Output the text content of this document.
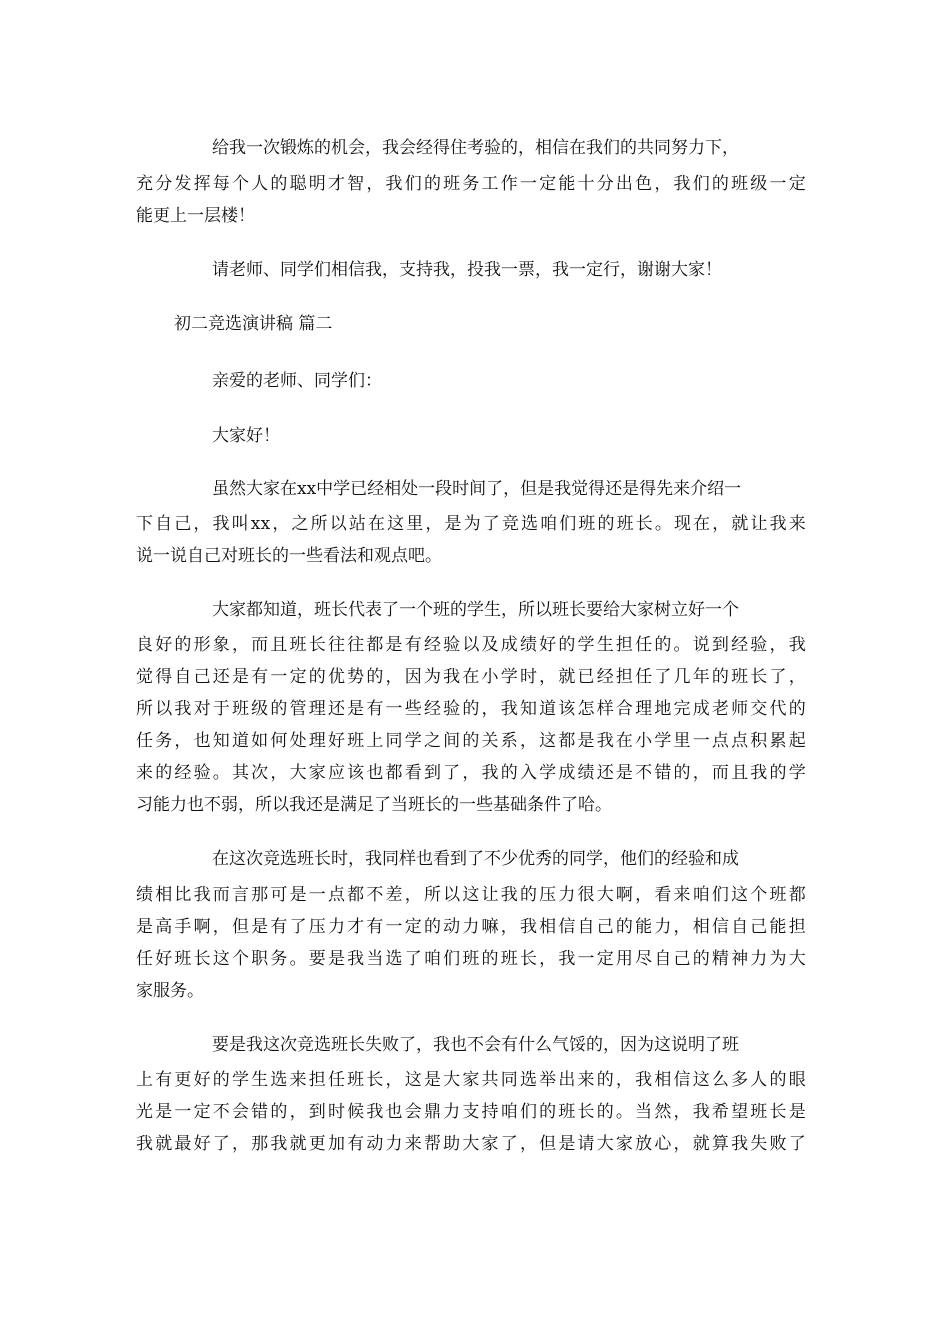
给我一次锻炼的机会，我会经得住考验的，相信在我们的共同努力下，
充分发挥每个人的聪明才智，我们的班务工作一定能十分出色，我们的班级一定
能更上一层楼！
请老师、同学们相信我，支持我，投我一票，我一定行，谢谢大家！
初二竞选演讲稿 篇二
亲爱的老师、同学们：
大家好！
虽然大家在xx中学已经相处一段时间了，但是我觉得还是得先来介绍一
下自己，我叫xx，之所以站在这里，是为了竞选咱们班的班长。现在，就让我来
说一说自己对班长的一些看法和观点吧。
大家都知道，班长代表了一个班的学生，所以班长要给大家树立好一个
良好的形象，而且班长往往都是有经验以及成绩好的学生担任的。说到经验，我
觉得自己还是有一定的优势的，因为我在小学时，就已经担任了几年的班长了，
所以我对于班级的管理还是有一些经验的，我知道该怎样合理地完成老师交代的
任务，也知道如何处理好班上同学之间的关系，这都是我在小学里一点点积累起
来的经验。其次，大家应该也都看到了，我的入学成绩还是不错的，而且我的学
习能力也不弱，所以我还是满足了当班长的一些基础条件了哈。
在这次竞选班长时，我同样也看到了不少优秀的同学，他们的经验和成
绩相比我而言那可是一点都不差，所以这让我的压力很大啊，看来咱们这个班都
是高手啊，但是有了压力才有一定的动力嘛，我相信自己的能力，相信自己能担
任好班长这个职务。要是我当选了咱们班的班长，我一定用尽自己的精神力为大
家服务。
要是我这次竞选班长失败了，我也不会有什么气馁的，因为这说明了班
上有更好的学生选来担任班长，这是大家共同选举出来的，我相信这么多人的眼
光是一定不会错的，到时候我也会鼎力支持咱们的班长的。当然，我希望班长是
我就最好了，那我就更加有动力来帮助大家了，但是请大家放心，就算我失败了
